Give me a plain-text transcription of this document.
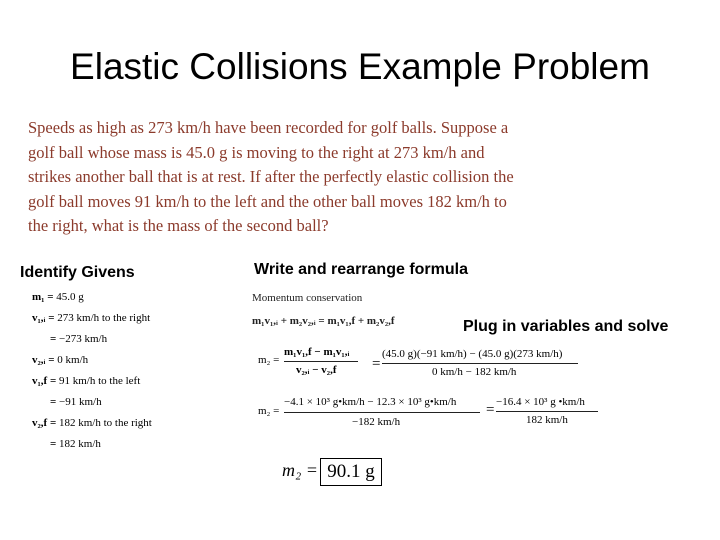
Elastic Collisions Example Problem
Speeds as high as 273 km/h have been recorded for golf balls. Suppose a
golf ball whose mass is 45.0 g is moving to the right at 273 km/h and
strikes another ball that is at rest. If after the perfectly elastic collision the
golf ball moves 91 km/h to the left and the other ball moves 182 km/h to
the right, what is the mass of the second ball?
Identify Givens	Write and rearrange formula
Plug in variables and solve
m₁ = 45.0 g
v₁,ᵢ = 273 km/h to the right
= −273 km/h
v₂,ᵢ = 0 km/h
v₁,f = 91 km/h to the left
= −91 km/h
v₂,f = 182 km/h to the right
= 182 km/h
Momentum conservation
m₁v₁,ᵢ + m₂v₂,ᵢ = m₁v₁,f + m₂v₂,f
m₂ =
m₁v₁,f − m₁v₁,ᵢ
v₂,ᵢ − v₂,f =
(45.0 g)(−91 km/h) − (45.0 g)(273 km/h)
0 km/h − 182 km/h
m₂ =
−4.1 × 10³ g•km/h − 12.3 × 10³ g•km/h
−182 km/h
= −16.4 × 10³ g •km/h
182 km/h
m₂ = 90.1 g
